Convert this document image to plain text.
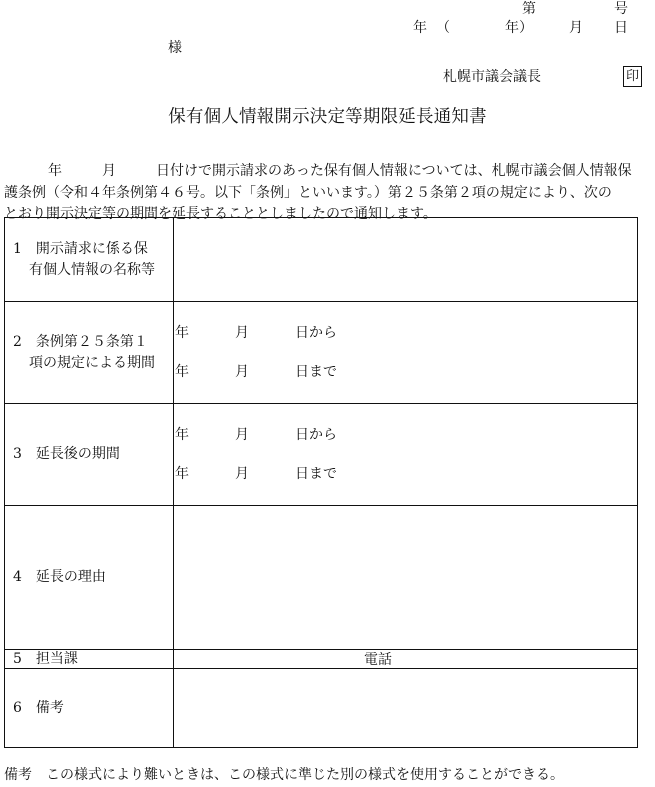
第	号
年 （	年）	月 日
様
札幌市議会議長	印
保有個人情報開示決定等期限延長通知書
年	月	日付けで開示請求のあった保有個人情報については、札幌市議会個人情報保
護条例（令和４年条例第４６号。以下「条例」といいます。）第２５条第２項の規定により、次の
とおり開示決定等の期間を延長することとしましたので通知します。
1　開示請求に係る保
有個人情報の名称等
2　条例第２５条第１
項の規定による期間
年	月	日から
年	月	日まで
3　延長後の期間
年	月	日から
年	月	日まで
4　延長の理由
5　担当課	電話
6　備考
備考　この様式により難いときは、この様式に準じた別の様式を使用することができる。
